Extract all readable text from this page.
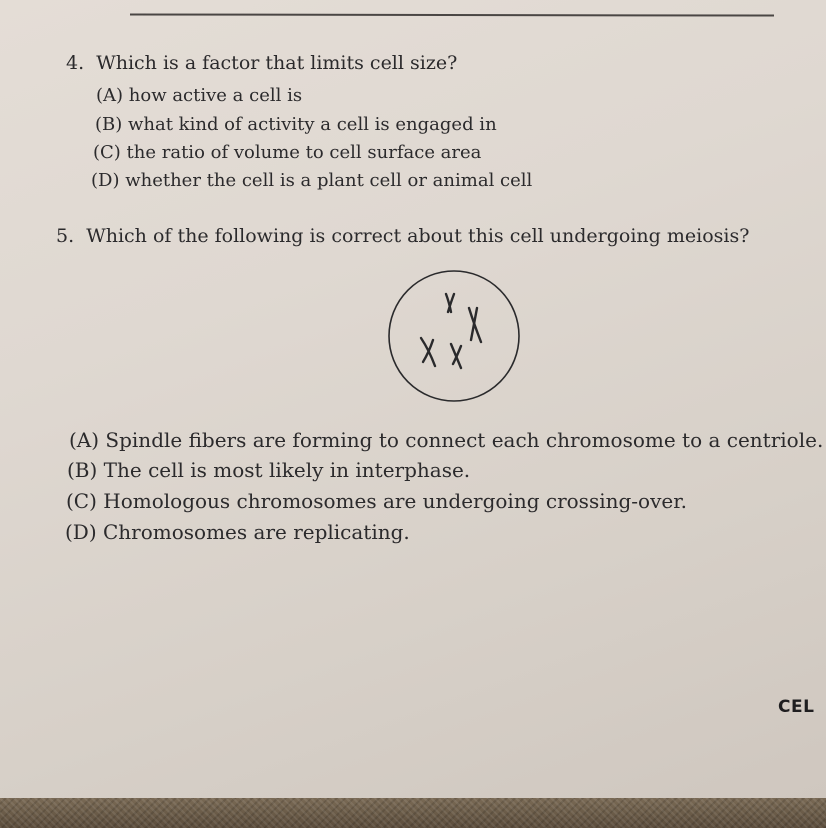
4. Which is a factor that limits cell size?
(A) how active a cell is
(B) what kind of activity a cell is engaged in
(C) the ratio of volume to cell surface area
(D) whether the cell is a plant cell or animal cell
5. Which of the following is correct about this cell undergoing meiosis?
(A) Spindle fibers are forming to connect each chromosome to a centriole.
(B) The cell is most likely in interphase.
(C) Homologous chromosomes are undergoing crossing-over.
(D) Chromosomes are replicating.
CEL
